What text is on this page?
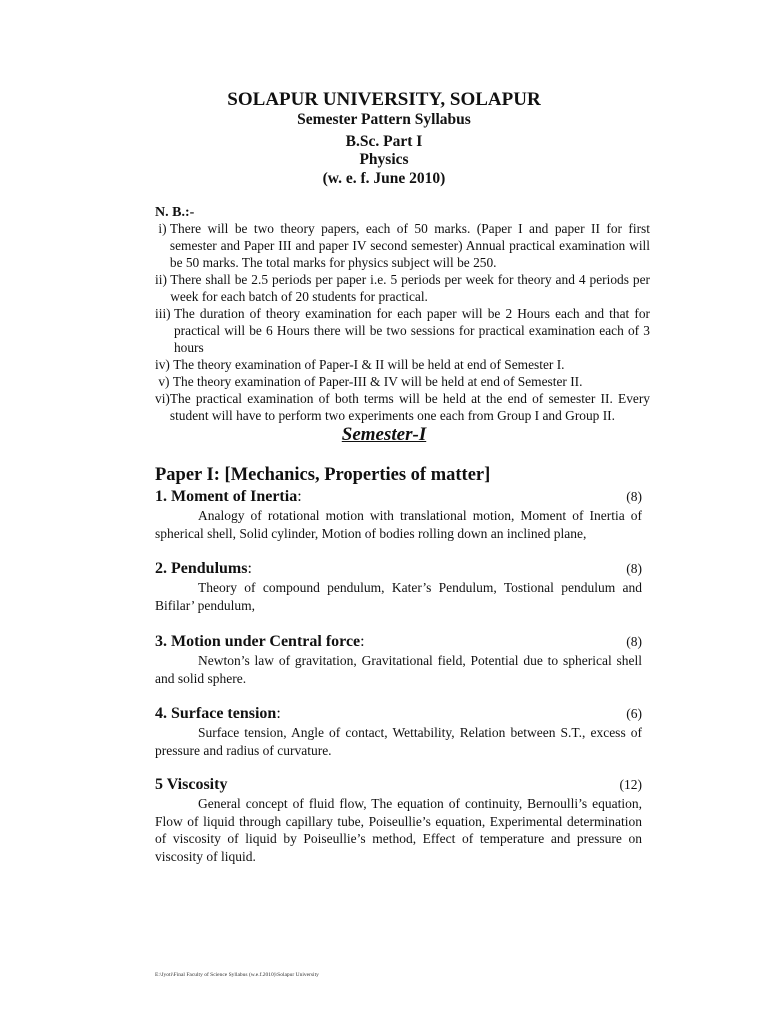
SOLAPUR UNIVERSITY, SOLAPUR
Semester Pattern Syllabus
B.Sc. Part I
Physics
(w. e. f. June 2010)
N. B.:-
i) There will be two theory papers, each of 50 marks. (Paper I and paper II for first semester and Paper III and paper IV second semester) Annual practical examination will be 50 marks. The total marks for physics subject will be 250.
ii) There shall be 2.5 periods per paper i.e. 5 periods per week for theory and 4 periods per week for each batch of 20 students for practical.
iii) The duration of theory examination for each paper will be 2 Hours each and that for practical will be 6 Hours there will be two sessions for practical examination each of 3 hours
iv) The theory examination of Paper-I & II will be held at end of Semester I.
v) The theory examination of Paper-III & IV will be held at end of Semester II.
vi) The practical examination of both terms will be held at the end of semester II. Every student will have to perform two experiments one each from Group I and Group II.
Semester-I
Paper I: [Mechanics, Properties of matter]
1. Moment of Inertia:	(8)
Analogy of rotational motion with translational motion, Moment of Inertia of spherical shell, Solid cylinder, Motion of bodies rolling down an inclined plane,
2. Pendulums:	(8)
Theory of compound pendulum, Kater’s Pendulum, Tostional pendulum and Bifilar’ pendulum,
3. Motion under Central force:	(8)
Newton’s law of gravitation, Gravitational field, Potential due to spherical shell and solid sphere.
4. Surface tension:	(6)
Surface tension, Angle of contact, Wettability, Relation between S.T., excess of pressure and radius of curvature.
5 Viscosity	(12)
General concept of fluid flow, The equation of continuity, Bernoulli’s equation, Flow of liquid through capillary tube, Poiseullie’s equation, Experimental determination of viscosity of liquid by Poiseullie’s method, Effect of temperature and pressure on viscosity of liquid.
E:\Jyoti\Final Faculty of Science Syllabus (w.e.f.2010)\Solapur University
